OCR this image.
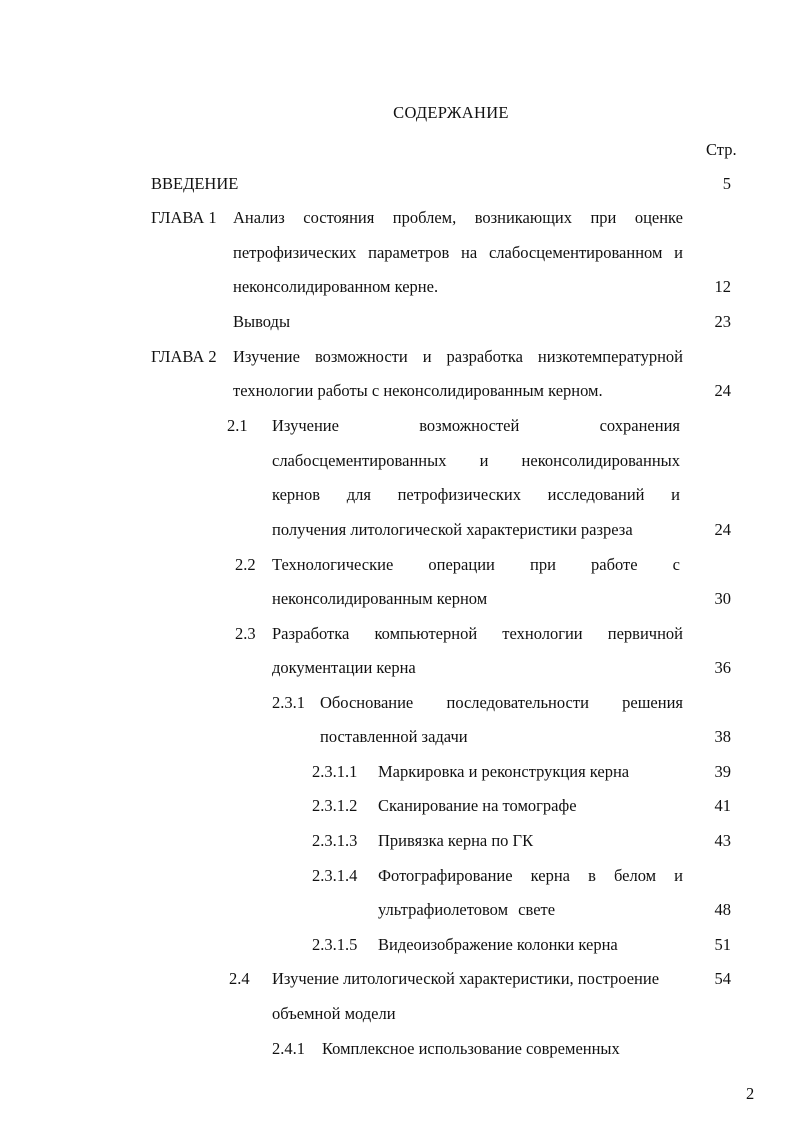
СОДЕРЖАНИЕ
Стр.
ВВЕДЕНИЕ	5
ГЛАВА 1 Анализ состояния проблем, возникающих при оценке
петрофизических параметров на слабосцементированном и
неконсолидированном керне.	12
Выводы	23
ГЛАВА 2 Изучение возможности и разработка низкотемпературной
технологии работы с неконсолидированным керном.	24
2.1 Изучение возможностей сохранения
слабосцементированных и неконсолидированных
кернов для петрофизических исследований и
получения литологической характеристики разреза	24
2.2 Технологические операции при работе с
неконсолидированным керном	30
2.3 Разработка компьютерной технологии первичной
документации керна	36
2.3.1 Обоснование последовательности решения
поставленной задачи	38
2.3.1.1 Маркировка и реконструкция керна	39
2.3.1.2 Сканирование на томографе	41
2.3.1.3 Привязка керна по ГК	43
2.3.1.4 Фотографирование керна в белом и
ультрафиолетовом свете	48
2.3.1.5 Видеоизображение колонки керна	51
2.4 Изучение литологической характеристики, построение	54
объемной модели
2.4.1 Комплексное использование современных
2
